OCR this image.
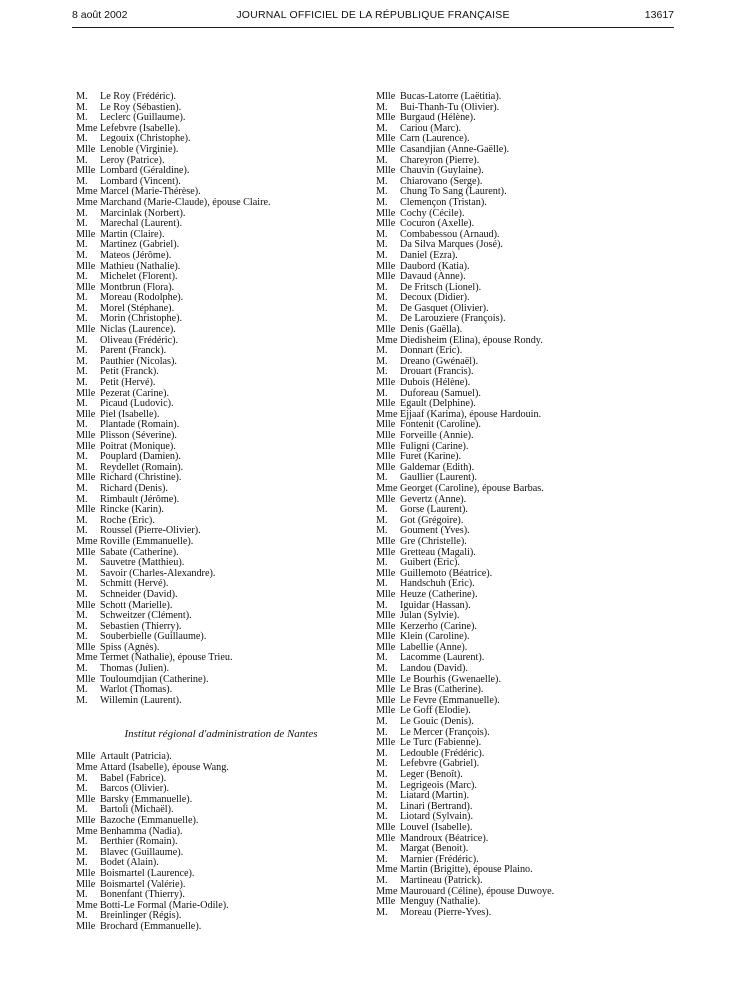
8 août 2002	JOURNAL OFFICIEL DE LA RÉPUBLIQUE FRANÇAISE	13617
M.	Le Roy (Frédéric).
M.	Le Roy (Sébastien).
M.	Leclerc (Guillaume).
Mme Lefebvre (Isabelle).
M.	Legouix (Christophe).
Mlle Lenoble (Virginie).
M.	Leroy (Patrice).
Mlle Lombard (Géraldine).
M.	Lombard (Vincent).
Mme Marcel (Marie-Thérèse).
Mme Marchand (Marie-Claude), épouse Claire.
M.	Marcinlak (Norbert).
M.	Marechal (Laurent).
Mlle Martin (Claire).
M.	Martinez (Gabriel).
M.	Mateos (Jérôme).
Mlle Mathieu (Nathalie).
M.	Michelet (Florent).
Mlle Montbrun (Flora).
M.	Moreau (Rodolphe).
M.	Morel (Stéphane).
M.	Morin (Christophe).
Mlle Niclas (Laurence).
M.	Oliveau (Frédéric).
M.	Parent (Franck).
M.	Pauthier (Nicolas).
M.	Petit (Franck).
M.	Petit (Hervé).
Mlle Pezerat (Carine).
M.	Picaud (Ludovic).
Mlle Piel (Isabelle).
M.	Plantade (Romain).
Mlle Plisson (Séverine).
Mlle Poitrat (Monique).
M.	Pouplard (Damien).
M.	Reydellet (Romain).
Mlle Richard (Christine).
M.	Richard (Denis).
M.	Rimbault (Jérôme).
Mlle Rincke (Karin).
M.	Roche (Eric).
M.	Roussel (Pierre-Olivier).
Mme Roville (Emmanuelle).
Mlle Sabate (Catherine).
M.	Sauvetre (Matthieu).
M.	Savoir (Charles-Alexandre).
M.	Schmitt (Hervé).
M.	Schneider (David).
Mlle Schott (Marielle).
M.	Schweitzer (Clément).
M.	Sebastien (Thierry).
M.	Souberbielle (Guillaume).
Mlle Spiss (Agnès).
Mme Termet (Nathalie), épouse Trieu.
M.	Thomas (Julien).
Mlle Touloumdjian (Catherine).
M.	Warlot (Thomas).
M.	Willemin (Laurent).
Institut régional d'administration de Nantes
Mlle Artault (Patricia).
Mme Attard (Isabelle), épouse Wang.
M.	Babel (Fabrice).
M.	Barcos (Olivier).
Mlle Barsky (Emmanuelle).
M.	Bartoli (Michaël).
Mlle Bazoche (Emmanuelle).
Mme Benhamma (Nadia).
M.	Berthier (Romain).
M.	Blavec (Guillaume).
M.	Bodet (Alain).
Mlle Boismartel (Laurence).
Mlle Boismartel (Valérie).
M.	Bonenfant (Thierry).
Mme Botti-Le Formal (Marie-Odile).
M.	Breinlinger (Régis).
Mlle Brochard (Emmanuelle).
Mlle Bucas-Latorre (Laëtitia).
M.	Bui-Thanh-Tu (Olivier).
Mlle Burgaud (Hélène).
M.	Cariou (Marc).
Mlle Carn (Laurence).
Mlle Casandjian (Anne-Gaëlle).
M.	Chareyron (Pierre).
Mlle Chauvin (Guylaine).
M.	Chiarovano (Serge).
M.	Chung To Sang (Laurent).
M.	Clemençon (Tristan).
Mlle Cochy (Cécile).
Mlle Cocuron (Axelle).
M.	Combabessou (Arnaud).
M.	Da Silva Marques (José).
M.	Daniel (Ezra).
Mlle Daubord (Katia).
Mlle Davaud (Anne).
M.	De Fritsch (Lionel).
M.	Decoux (Didier).
M.	De Gasquet (Olivier).
M.	De Larouziere (François).
Mlle Denis (Gaëlla).
Mme Diedisheim (Elina), épouse Rondy.
M.	Donnart (Eric).
M.	Dreano (Gwénaël).
M.	Drouart (Francis).
Mlle Dubois (Hélène).
M.	Duforeau (Samuel).
Mlle Egault (Delphine).
Mme Ejjaaf (Karima), épouse Hardouin.
Mlle Fontenit (Caroline).
Mlle Forveille (Annie).
Mlle Fuligni (Carine).
Mlle Furet (Karine).
Mlle Galdemar (Edith).
M.	Gaullier (Laurent).
Mme Georget (Caroline), épouse Barbas.
Mlle Gevertz (Anne).
M.	Gorse (Laurent).
M.	Got (Grégoire).
M.	Goument (Yves).
Mlle Gre (Christelle).
Mlle Gretteau (Magali).
M.	Guibert (Eric).
Mlle Guillemoto (Béatrice).
M.	Handschuh (Eric).
Mlle Heuze (Catherine).
M.	Iguidar (Hassan).
Mlle Julan (Sylvie).
Mlle Kerzerho (Carine).
Mlle Klein (Caroline).
Mlle Labellie (Anne).
M.	Lacomme (Laurent).
M.	Landou (David).
Mlle Le Bourhis (Gwenaelle).
Mlle Le Bras (Catherine).
Mlle Le Fevre (Emmanuelle).
Mlle Le Goff (Elodie).
M.	Le Gouic (Denis).
M.	Le Mercer (François).
Mlle Le Turc (Fabienne).
M.	Ledouble (Frédéric).
M.	Lefebvre (Gabriel).
M.	Leger (Benoît).
M.	Legrigeois (Marc).
M.	Liatard (Martin).
M.	Linari (Bertrand).
M.	Liotard (Sylvain).
Mlle Louvel (Isabelle).
Mlle Mandroux (Béatrice).
M.	Margat (Benoit).
M.	Marnier (Frédéric).
Mme Martin (Brigitte), épouse Plaino.
M.	Martineau (Patrick).
Mme Maurouard (Céline), épouse Duwoye.
Mlle Menguy (Nathalie).
M.	Moreau (Pierre-Yves).
